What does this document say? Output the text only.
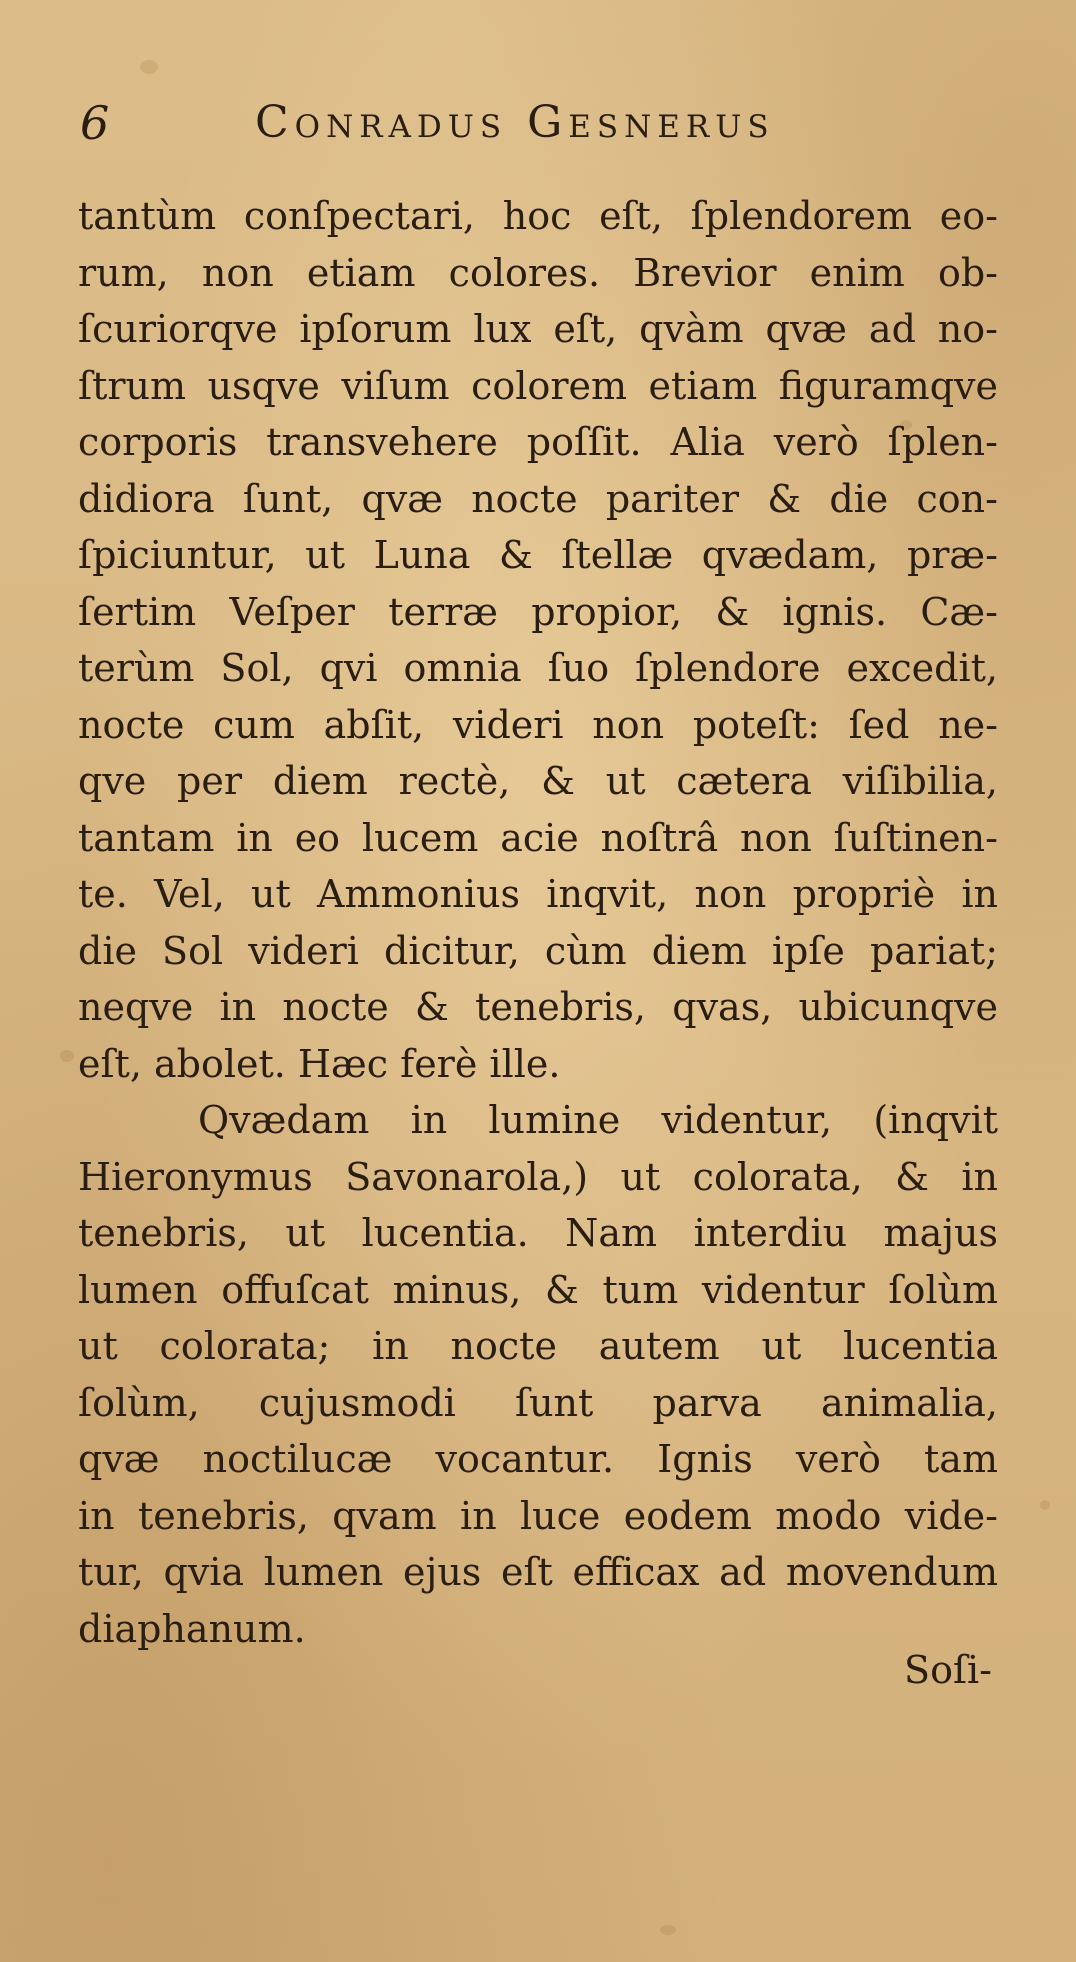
6	Conradus Gesnerus
tantùm conſpectari, hoc eſt, ſplendorem eo-
rum, non etiam colores. Brevior enim ob-
ſcuriorqve ipſorum lux eſt, qvàm qvæ ad no-
ſtrum usqve viſum colorem etiam figuramqve
corporis transvehere poſſit. Alia verò ſplen-
didiora ſunt, qvæ nocte pariter & die con-
ſpiciuntur, ut Luna & ſtellæ qvædam, præ-
ſertim Veſper terræ propior, & ignis. Cæ-
terùm Sol, qvi omnia ſuo ſplendore excedit,
nocte cum abſit, videri non poteſt: ſed ne-
qve per diem rectè, & ut cætera viſibilia,
tantam in eo lucem acie noſtrâ non ſuſtinen-
te. Vel, ut Ammonius inqvit, non propriè in
die Sol videri dicitur, cùm diem ipſe pariat;
neqve in nocte & tenebris, qvas, ubicunqve
eſt, abolet. Hæc ferè ille.
Qvædam in lumine videntur, (inqvit
Hieronymus Savonarola,) ut colorata, & in
tenebris, ut lucentia. Nam interdiu majus
lumen offuſcat minus, & tum videntur ſolùm
ut colorata; in nocte autem ut lucentia
ſolùm, cujusmodi ſunt parva animalia,
qvæ noctilucæ vocantur. Ignis verò tam
in tenebris, qvam in luce eodem modo vide-
tur, qvia lumen ejus eſt efficax ad movendum
diaphanum.
Soſi-
